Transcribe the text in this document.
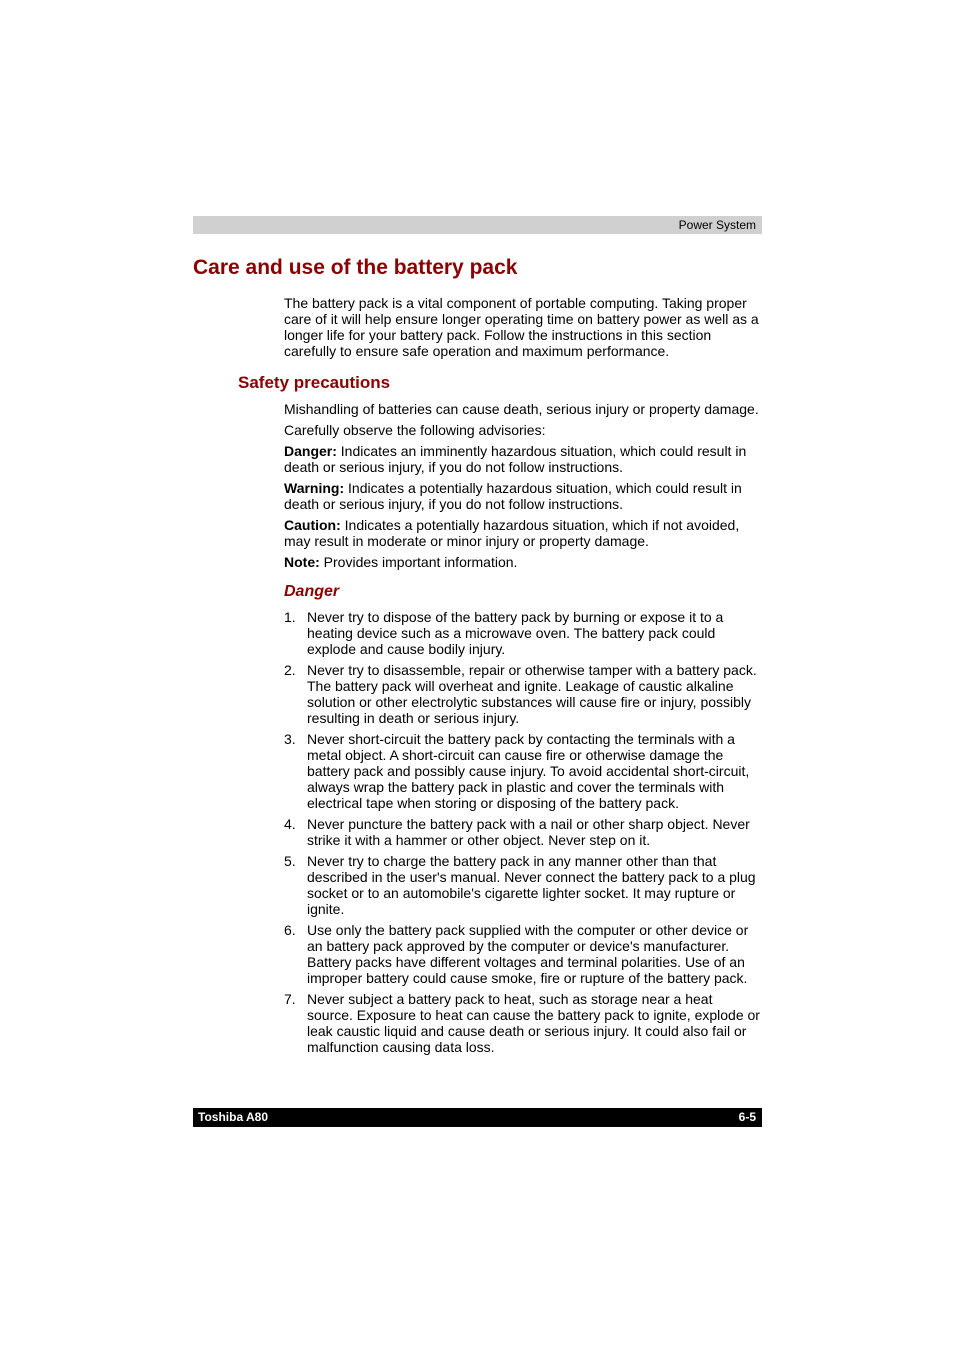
Power System
Care and use of the battery pack

The battery pack is a vital component of portable computing. Taking proper care of it will help ensure longer operating time on battery power as well as a longer life for your battery pack. Follow the instructions in this section carefully to ensure safe operation and maximum performance.

Safety precautions

Mishandling of batteries can cause death, serious injury or property damage.

Carefully observe the following advisories:

Danger: Indicates an imminently hazardous situation, which could result in death or serious injury, if you do not follow instructions.

Warning: Indicates a potentially hazardous situation, which could result in death or serious injury, if you do not follow instructions.

Caution: Indicates a potentially hazardous situation, which if not avoided, may result in moderate or minor injury or property damage.

Note: Provides important information.

Danger
1. Never try to dispose of the battery pack by burning or expose it to a heating device such as a microwave oven. The battery pack could explode and cause bodily injury.
2. Never try to disassemble, repair or otherwise tamper with a battery pack. The battery pack will overheat and ignite. Leakage of caustic alkaline solution or other electrolytic substances will cause fire or injury, possibly resulting in death or serious injury.
3. Never short-circuit the battery pack by contacting the terminals with a metal object. A short-circuit can cause fire or otherwise damage the battery pack and possibly cause injury. To avoid accidental short-circuit, always wrap the battery pack in plastic and cover the terminals with electrical tape when storing or disposing of the battery pack.
4. Never puncture the battery pack with a nail or other sharp object. Never strike it with a hammer or other object. Never step on it.
5. Never try to charge the battery pack in any manner other than that described in the user's manual. Never connect the battery pack to a plug socket or to an automobile's cigarette lighter socket. It may rupture or ignite.
6. Use only the battery pack supplied with the computer or other device or an battery pack approved by the computer or device's manufacturer. Battery packs have different voltages and terminal polarities. Use of an improper battery could cause smoke, fire or rupture of the battery pack.
7. Never subject a battery pack to heat, such as storage near a heat source. Exposure to heat can cause the battery pack to ignite, explode or leak caustic liquid and cause death or serious injury. It could also fail or malfunction causing data loss.
Toshiba A80	6-5
